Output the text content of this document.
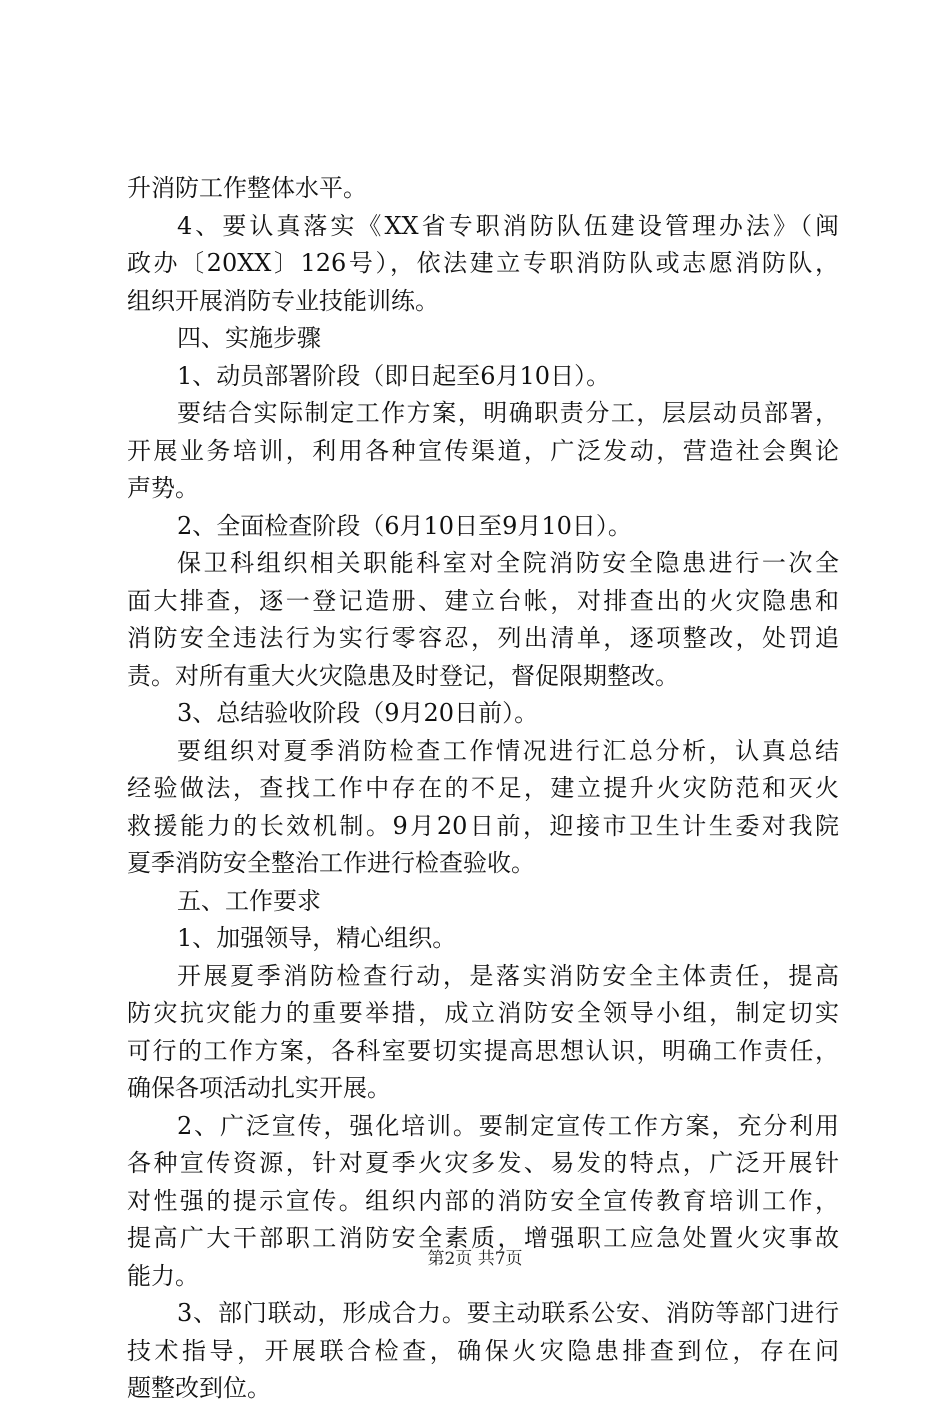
升消防工作整体水平。
4、要认真落实《XX省专职消防队伍建设管理办法》（闽
政办〔20XX〕126号），依法建立专职消防队或志愿消防队，
组织开展消防专业技能训练。
四、实施步骤
1、动员部署阶段（即日起至6月10日）。
要结合实际制定工作方案，明确职责分工，层层动员部署，
开展业务培训，利用各种宣传渠道，广泛发动，营造社会舆论
声势。
2、全面检查阶段（6月10日至9月10日）。
保卫科组织相关职能科室对全院消防安全隐患进行一次全
面大排查，逐一登记造册、建立台帐，对排查出的火灾隐患和
消防安全违法行为实行零容忍，列出清单，逐项整改，处罚追
责。对所有重大火灾隐患及时登记，督促限期整改。
3、总结验收阶段（9月20日前）。
要组织对夏季消防检查工作情况进行汇总分析，认真总结
经验做法，查找工作中存在的不足，建立提升火灾防范和灭火
救援能力的长效机制。9月20日前，迎接市卫生计生委对我院
夏季消防安全整治工作进行检查验收。
五、工作要求
1、加强领导，精心组织。
开展夏季消防检查行动，是落实消防安全主体责任，提高
防灾抗灾能力的重要举措，成立消防安全领导小组，制定切实
可行的工作方案，各科室要切实提高思想认识，明确工作责任，
确保各项活动扎实开展。
2、广泛宣传，强化培训。要制定宣传工作方案，充分利用
各种宣传资源，针对夏季火灾多发、易发的特点，广泛开展针
对性强的提示宣传。组织内部的消防安全宣传教育培训工作，
提高广大干部职工消防安全素质，增强职工应急处置火灾事故
能力。
3、部门联动，形成合力。要主动联系公安、消防等部门进行
技术指导，开展联合检查，确保火灾隐患排查到位，存在问
题整改到位。
第2页 共7页
